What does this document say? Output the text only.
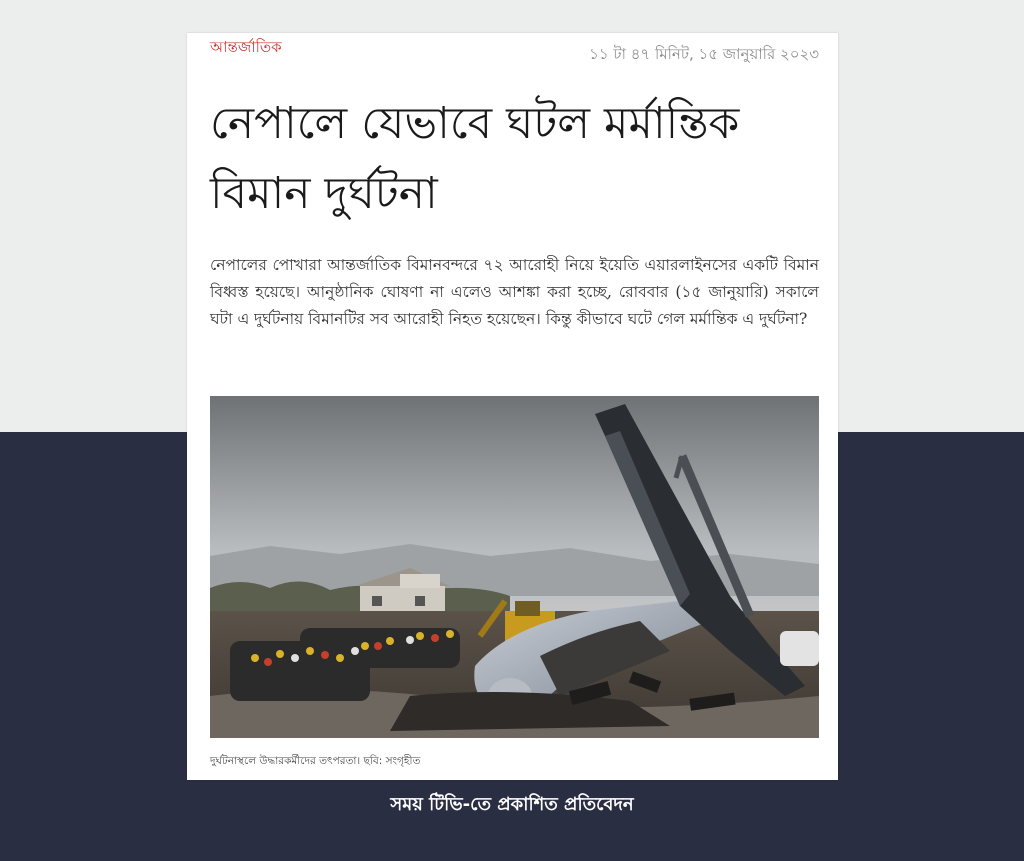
আন্তর্জাতিক	১১ টা ৪৭ মিনিট, ১৫ জানুয়ারি ২০২৩
নেপালে যেভাবে ঘটল মর্মান্তিক বিমান দুর্ঘটনা

নেপালের পোখারা আন্তর্জাতিক বিমানবন্দরে ৭২ আরোহী নিয়ে ইয়েতি এয়ারলাইনসের একটি বিমান বিধ্বস্ত হয়েছে। আনুষ্ঠানিক ঘোষণা না এলেও আশঙ্কা করা হচ্ছে, রোববার (১৫ জানুয়ারি) সকালে ঘটা এ দুর্ঘটনায় বিমানটির সব আরোহী নিহত হয়েছেন। কিন্তু কীভাবে ঘটে গেল মর্মান্তিক এ দুর্ঘটনা?

দুর্ঘটনাস্থলে উদ্ধারকর্মীদের তৎপরতা। ছবি: সংগৃহীত
সময় টিভি-তে প্রকাশিত প্রতিবেদন
